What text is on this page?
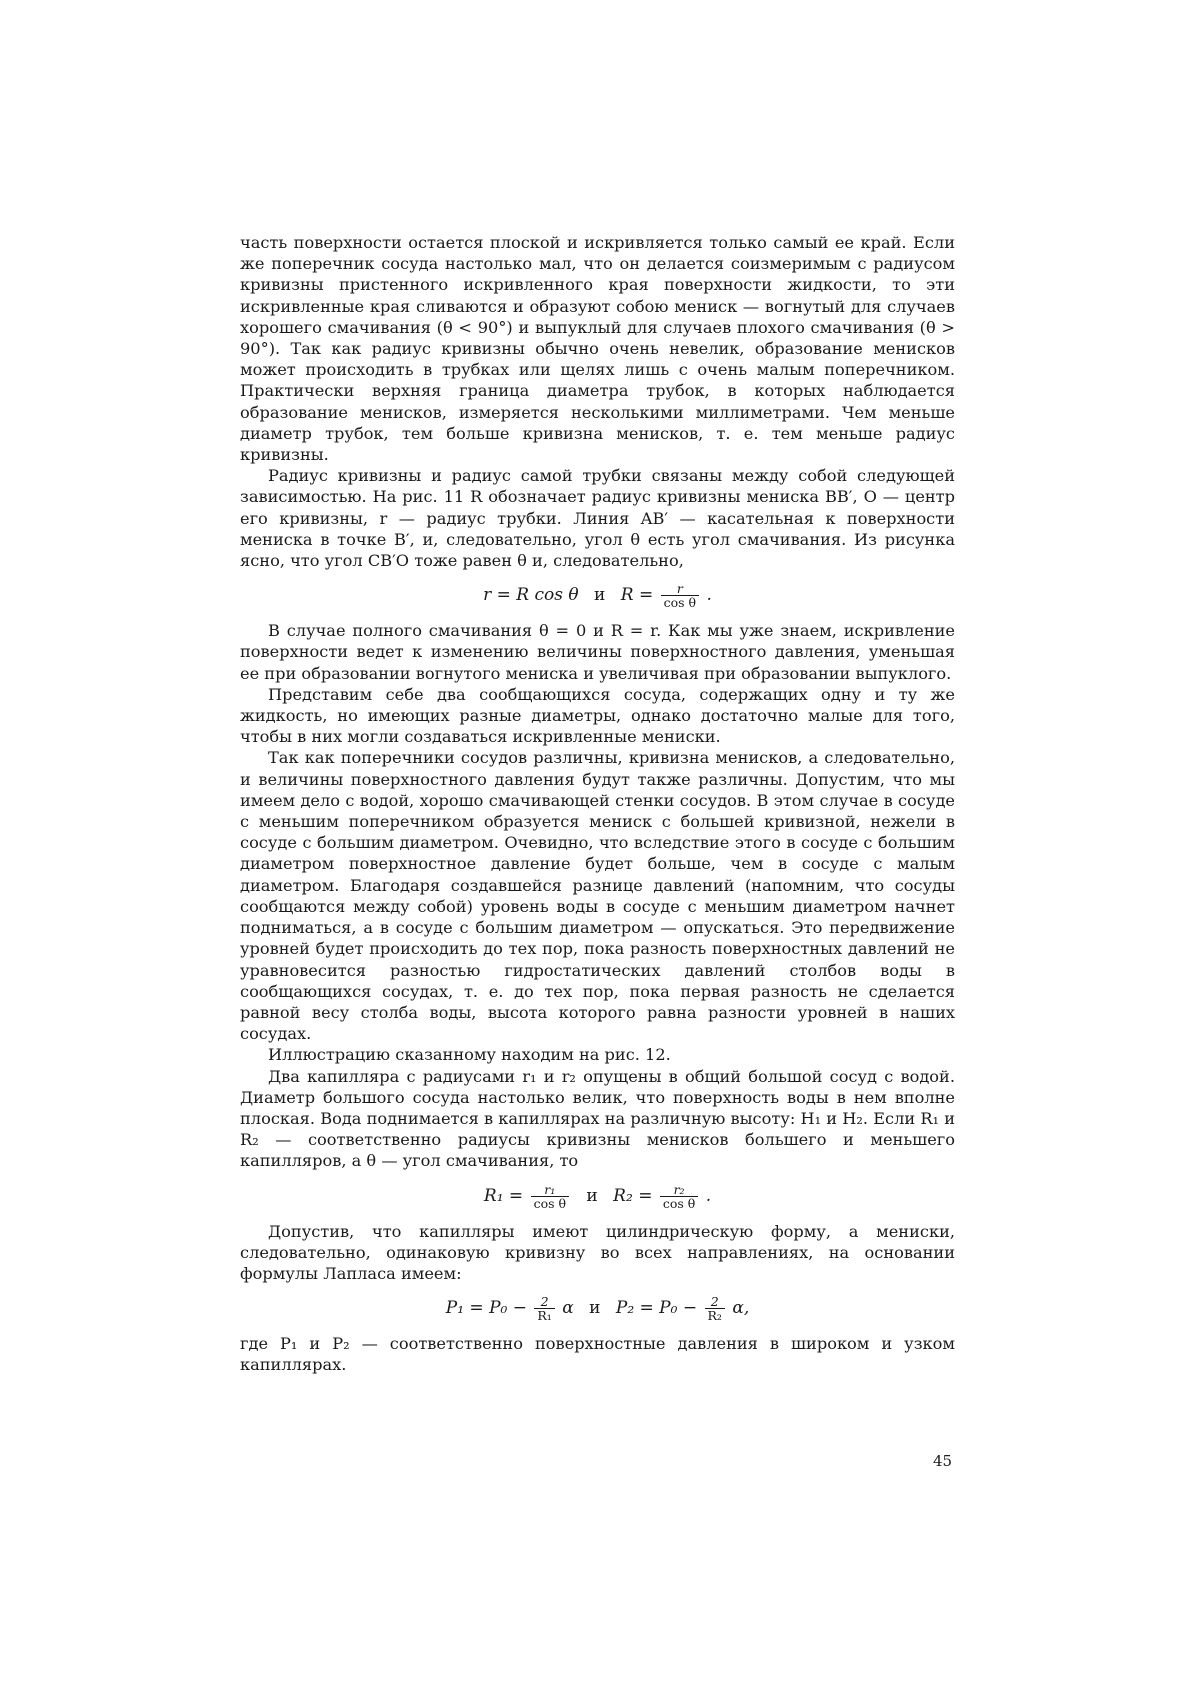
часть поверхности остается плоской и искривляется только самый ее край. Если же поперечник сосуда настолько мал, что он делается соизмеримым с радиусом кривизны пристенного искривленного края поверхности жидкости, то эти искривленные края сливаются и образуют собою мениск — вогнутый для случаев хорошего смачивания (θ < 90°) и выпуклый для случаев плохого смачивания (θ > 90°). Так как радиус кривизны обычно очень невелик, образование менисков может происходить в трубках или щелях лишь с очень малым поперечником. Практически верхняя граница диаметра трубок, в которых наблюдается образование менисков, измеряется несколькими миллиметрами. Чем меньше диаметр трубок, тем больше кривизна менисков, т. е. тем меньше радиус кривизны.

Радиус кривизны и радиус самой трубки связаны между собой следующей зависимостью. На рис. 11 R обозначает радиус кривизны мениска BB′, O — центр его кривизны, r — радиус трубки. Линия AB′ — касательная к поверхности мениска в точке B′, и, следовательно, угол θ есть угол смачивания. Из рисунка ясно, что угол CB′O тоже равен θ и, следовательно,

r = R cos θ и $R = \frac{r}{\text{cos θ}}$ .

В случае полного смачивания θ = 0 и R = r. Как мы уже знаем, искривление поверхности ведет к изменению величины поверхностного давления, уменьшая ее при образовании вогнутого мениска и увеличивая при образовании выпуклого.

Представим себе два сообщающихся сосуда, содержащих одну и ту же жидкость, но имеющих разные диаметры, однако достаточно малые для того, чтобы в них могли создаваться искривленные мениски.

Так как поперечники сосудов различны, кривизна менисков, а следовательно, и величины поверхностного давления будут также различны. Допустим, что мы имеем дело с водой, хорошо смачивающей стенки сосудов. В этом случае в сосуде с меньшим поперечником образуется мениск с большей кривизной, нежели в сосуде с большим диаметром. Очевидно, что вследствие этого в сосуде с большим диаметром поверхностное давление будет больше, чем в сосуде с малым диаметром. Благодаря создавшейся разнице давлений (напомним, что сосуды сообщаются между собой) уровень воды в сосуде с меньшим диаметром начнет подниматься, а в сосуде с большим диаметром — опускаться. Это передвижение уровней будет происходить до тех пор, пока разность поверхностных давлений не уравновесится разностью гидростатических давлений столбов воды в сообщающихся сосудах, т. е. до тех пор, пока первая разность не сделается равной весу столба воды, высота которого равна разности уровней в наших сосудах.

Иллюстрацию сказанному находим на рис. 12.

Два капилляра с радиусами r₁ и r₂ опущены в общий большой сосуд с водой. Диаметр большого сосуда настолько велик, что поверхность воды в нем вполне плоская. Вода поднимается в капиллярах на различную высоту: H₁ и H₂. Если R₁ и R₂ — соответственно радиусы кривизны менисков большего и меньшего капилляров, а θ — угол смачивания, то

$R_1 = \frac{\text{r₁}}{\text{cos θ}}$ и $R_2 = \frac{\text{r₂}}{\text{cos θ}}$ .

Допустив, что капилляры имеют цилиндрическую форму, а мениски, следовательно, одинаковую кривизну во всех направлениях, на основании формулы Лапласа имеем:

$P_1 = P_0 - \frac{2}{\text{R₁}}$ α и $P_2 = P_0 - \frac{2}{\text{R₂}} \alpha$,

где P₁ и P₂ — соответственно поверхностные давления в широком и узком капиллярах.

45
